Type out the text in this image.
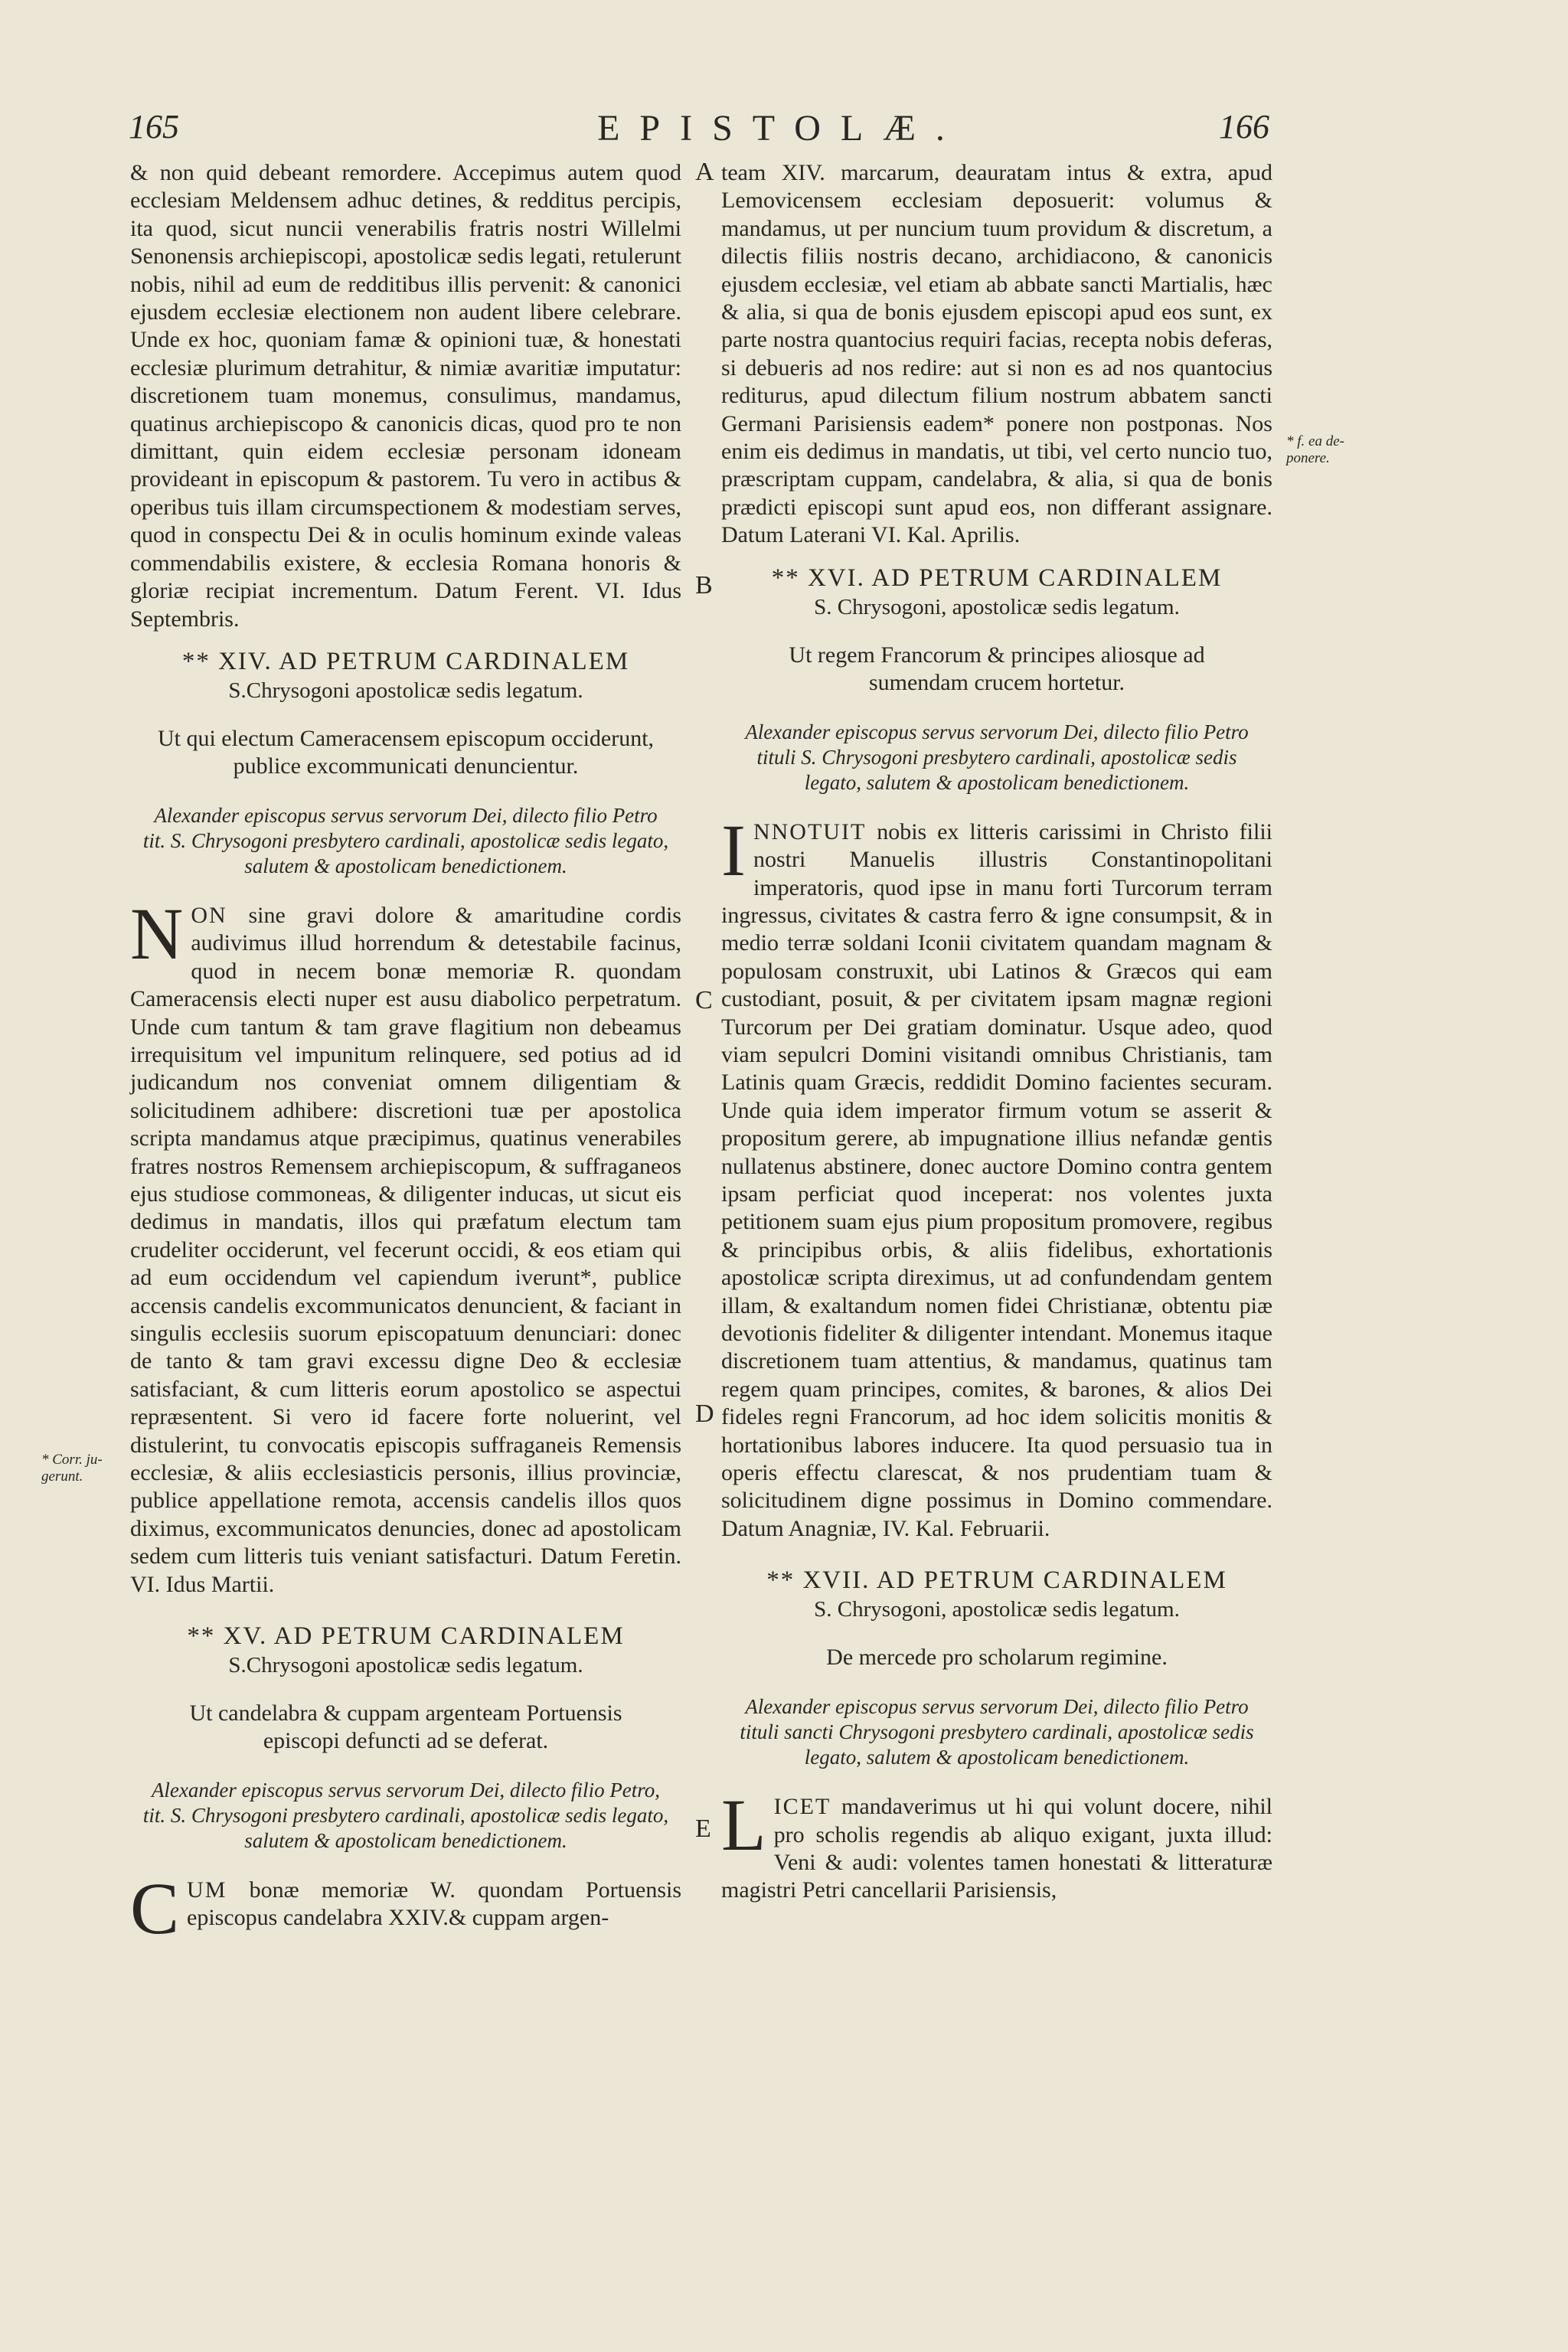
165	EPISTOLÆ.	166
A
B
C
D
E
* Corr. ju- gerunt.
* f. ea de- ponere.

& non quid debeant remordere. Accepimus autem quod ecclesiam Meldensem adhuc detines, & redditus percipis, ita quod, sicut nuncii venerabilis fratris nostri Willelmi Senonensis archiepiscopi, apostolicæ sedis legati, retulerunt nobis, nihil ad eum de redditibus illis pervenit: & canonici ejusdem ecclesiæ electionem non audent libere celebrare. Unde ex hoc, quoniam famæ & opinioni tuæ, & honestati ecclesiæ plurimum detrahitur, & nimiæ avaritiæ imputatur: discretionem tuam monemus, consulimus, mandamus, quatinus archiepiscopo & canonicis dicas, quod pro te non dimittant, quin eidem ecclesiæ personam idoneam provideant in episcopum & pastorem. Tu vero in actibus & operibus tuis illam circumspectionem & modestiam serves, quod in conspectu Dei & in oculis hominum exinde valeas commendabilis existere, & ecclesia Romana honoris & gloriæ recipiat incrementum. Datum Ferent. VI. Idus Septembris.

** XIV. AD PETRUM CARDINALEM
S.Chrysogoni apostolicæ sedis legatum.
Ut qui electum Cameracensem episcopum occiderunt, publice excommunicati denuncientur.
Alexander episcopus servus servorum Dei, dilecto filio Petro tit. S. Chrysogoni presbytero cardinali, apostolicæ sedis legato, salutem & apostolicam benedictionem.

N ON sine gravi dolore & amaritudine cordis audivimus illud horrendum & detestabile facinus, quod in necem bonæ memoriæ R. quondam Cameracensis electi nuper est ausu diabolico perpetratum. Unde cum tantum & tam grave flagitium non debeamus irrequisitum vel impunitum relinquere, sed potius ad id judicandum nos conveniat omnem diligentiam & solicitudinem adhibere: discretioni tuæ per apostolica scripta mandamus atque præcipimus, quatinus venerabiles fratres nostros Remensem archiepiscopum, & suffraganeos ejus studiose commoneas, & diligenter inducas, ut sicut eis dedimus in mandatis, illos qui præfatum electum tam crudeliter occiderunt, vel fecerunt occidi, & eos etiam qui ad eum occidendum vel capiendum iverunt*, publice accensis candelis excommunicatos denuncient, & faciant in singulis ecclesiis suorum episcopatuum denunciari: donec de tanto & tam gravi excessu digne Deo & ecclesiæ satisfaciant, & cum litteris eorum apostolico se aspectui repræsentent. Si vero id facere forte noluerint, vel distulerint, tu convocatis episcopis suffraganeis Remensis ecclesiæ, & aliis ecclesiasticis personis, illius provinciæ, publice appellatione remota, accensis candelis illos quos diximus, excommunicatos denuncies, donec ad apostolicam sedem cum litteris tuis veniant satisfacturi. Datum Feretin. VI. Idus Martii.

** XV. AD PETRUM CARDINALEM
S.Chrysogoni apostolicæ sedis legatum.
Ut candelabra & cuppam argenteam Portuensis episcopi defuncti ad se deferat.
Alexander episcopus servus servorum Dei, dilecto filio Petro, tit. S. Chrysogoni presbytero cardinali, apostolicæ sedis legato, salutem & apostolicam benedictionem.

C UM bonæ memoriæ W. quondam Portuensis episcopus candelabra XXIV.& cuppam argen-

team XIV. marcarum, deauratam intus & extra, apud Lemovicensem ecclesiam deposuerit: volumus & mandamus, ut per nuncium tuum providum & discretum, a dilectis filiis nostris decano, archidiacono, & canonicis ejusdem ecclesiæ, vel etiam ab abbate sancti Martialis, hæc & alia, si qua de bonis ejusdem episcopi apud eos sunt, ex parte nostra quantocius requiri facias, recepta nobis deferas, si debueris ad nos redire: aut si non es ad nos quantocius rediturus, apud dilectum filium nostrum abbatem sancti Germani Parisiensis eadem* ponere non postponas. Nos enim eis dedimus in mandatis, ut tibi, vel certo nuncio tuo, præscriptam cuppam, candelabra, & alia, si qua de bonis prædicti episcopi sunt apud eos, non differant assignare. Datum Laterani VI. Kal. Aprilis.

** XVI. AD PETRUM CARDINALEM
S. Chrysogoni, apostolicæ sedis legatum.
Ut regem Francorum & principes aliosque ad sumendam crucem hortetur.
Alexander episcopus servus servorum Dei, dilecto filio Petro tituli S. Chrysogoni presbytero cardinali, apostolicæ sedis legato, salutem & apostolicam benedictionem.

I NNOTUIT nobis ex litteris carissimi in Christo filii nostri Manuelis illustris Constantinopolitani imperatoris, quod ipse in manu forti Turcorum terram ingressus, civitates & castra ferro & igne consumpsit, & in medio terræ soldani Iconii civitatem quandam magnam & populosam construxit, ubi Latinos & Græcos qui eam custodiant, posuit, & per civitatem ipsam magnæ regioni Turcorum per Dei gratiam dominatur. Usque adeo, quod viam sepulcri Domini visitandi omnibus Christianis, tam Latinis quam Græcis, reddidit Domino facientes securam. Unde quia idem imperator firmum votum se asserit & propositum gerere, ab impugnatione illius nefandæ gentis nullatenus abstinere, donec auctore Domino contra gentem ipsam perficiat quod inceperat: nos volentes juxta petitionem suam ejus pium propositum promovere, regibus & principibus orbis, & aliis fidelibus, exhortationis apostolicæ scripta direximus, ut ad confundendam gentem illam, & exaltandum nomen fidei Christianæ, obtentu piæ devotionis fideliter & diligenter intendant. Monemus itaque discretionem tuam attentius, & mandamus, quatinus tam regem quam principes, comites, & barones, & alios Dei fideles regni Francorum, ad hoc idem solicitis monitis & hortationibus labores inducere. Ita quod persuasio tua in operis effectu clarescat, & nos prudentiam tuam & solicitudinem digne possimus in Domino commendare. Datum Anagniæ, IV. Kal. Februarii.

** XVII. AD PETRUM CARDINALEM
S. Chrysogoni, apostolicæ sedis legatum.
De mercede pro scholarum regimine.
Alexander episcopus servus servorum Dei, dilecto filio Petro tituli sancti Chrysogoni presbytero cardinali, apostolicæ sedis legato, salutem & apostolicam benedictionem.

L ICET mandaverimus ut hi qui volunt docere, nihil pro scholis regendis ab aliquo exigant, juxta illud: Veni & audi: volentes tamen honestati & litteraturæ magistri Petri cancellarii Parisiensis,
